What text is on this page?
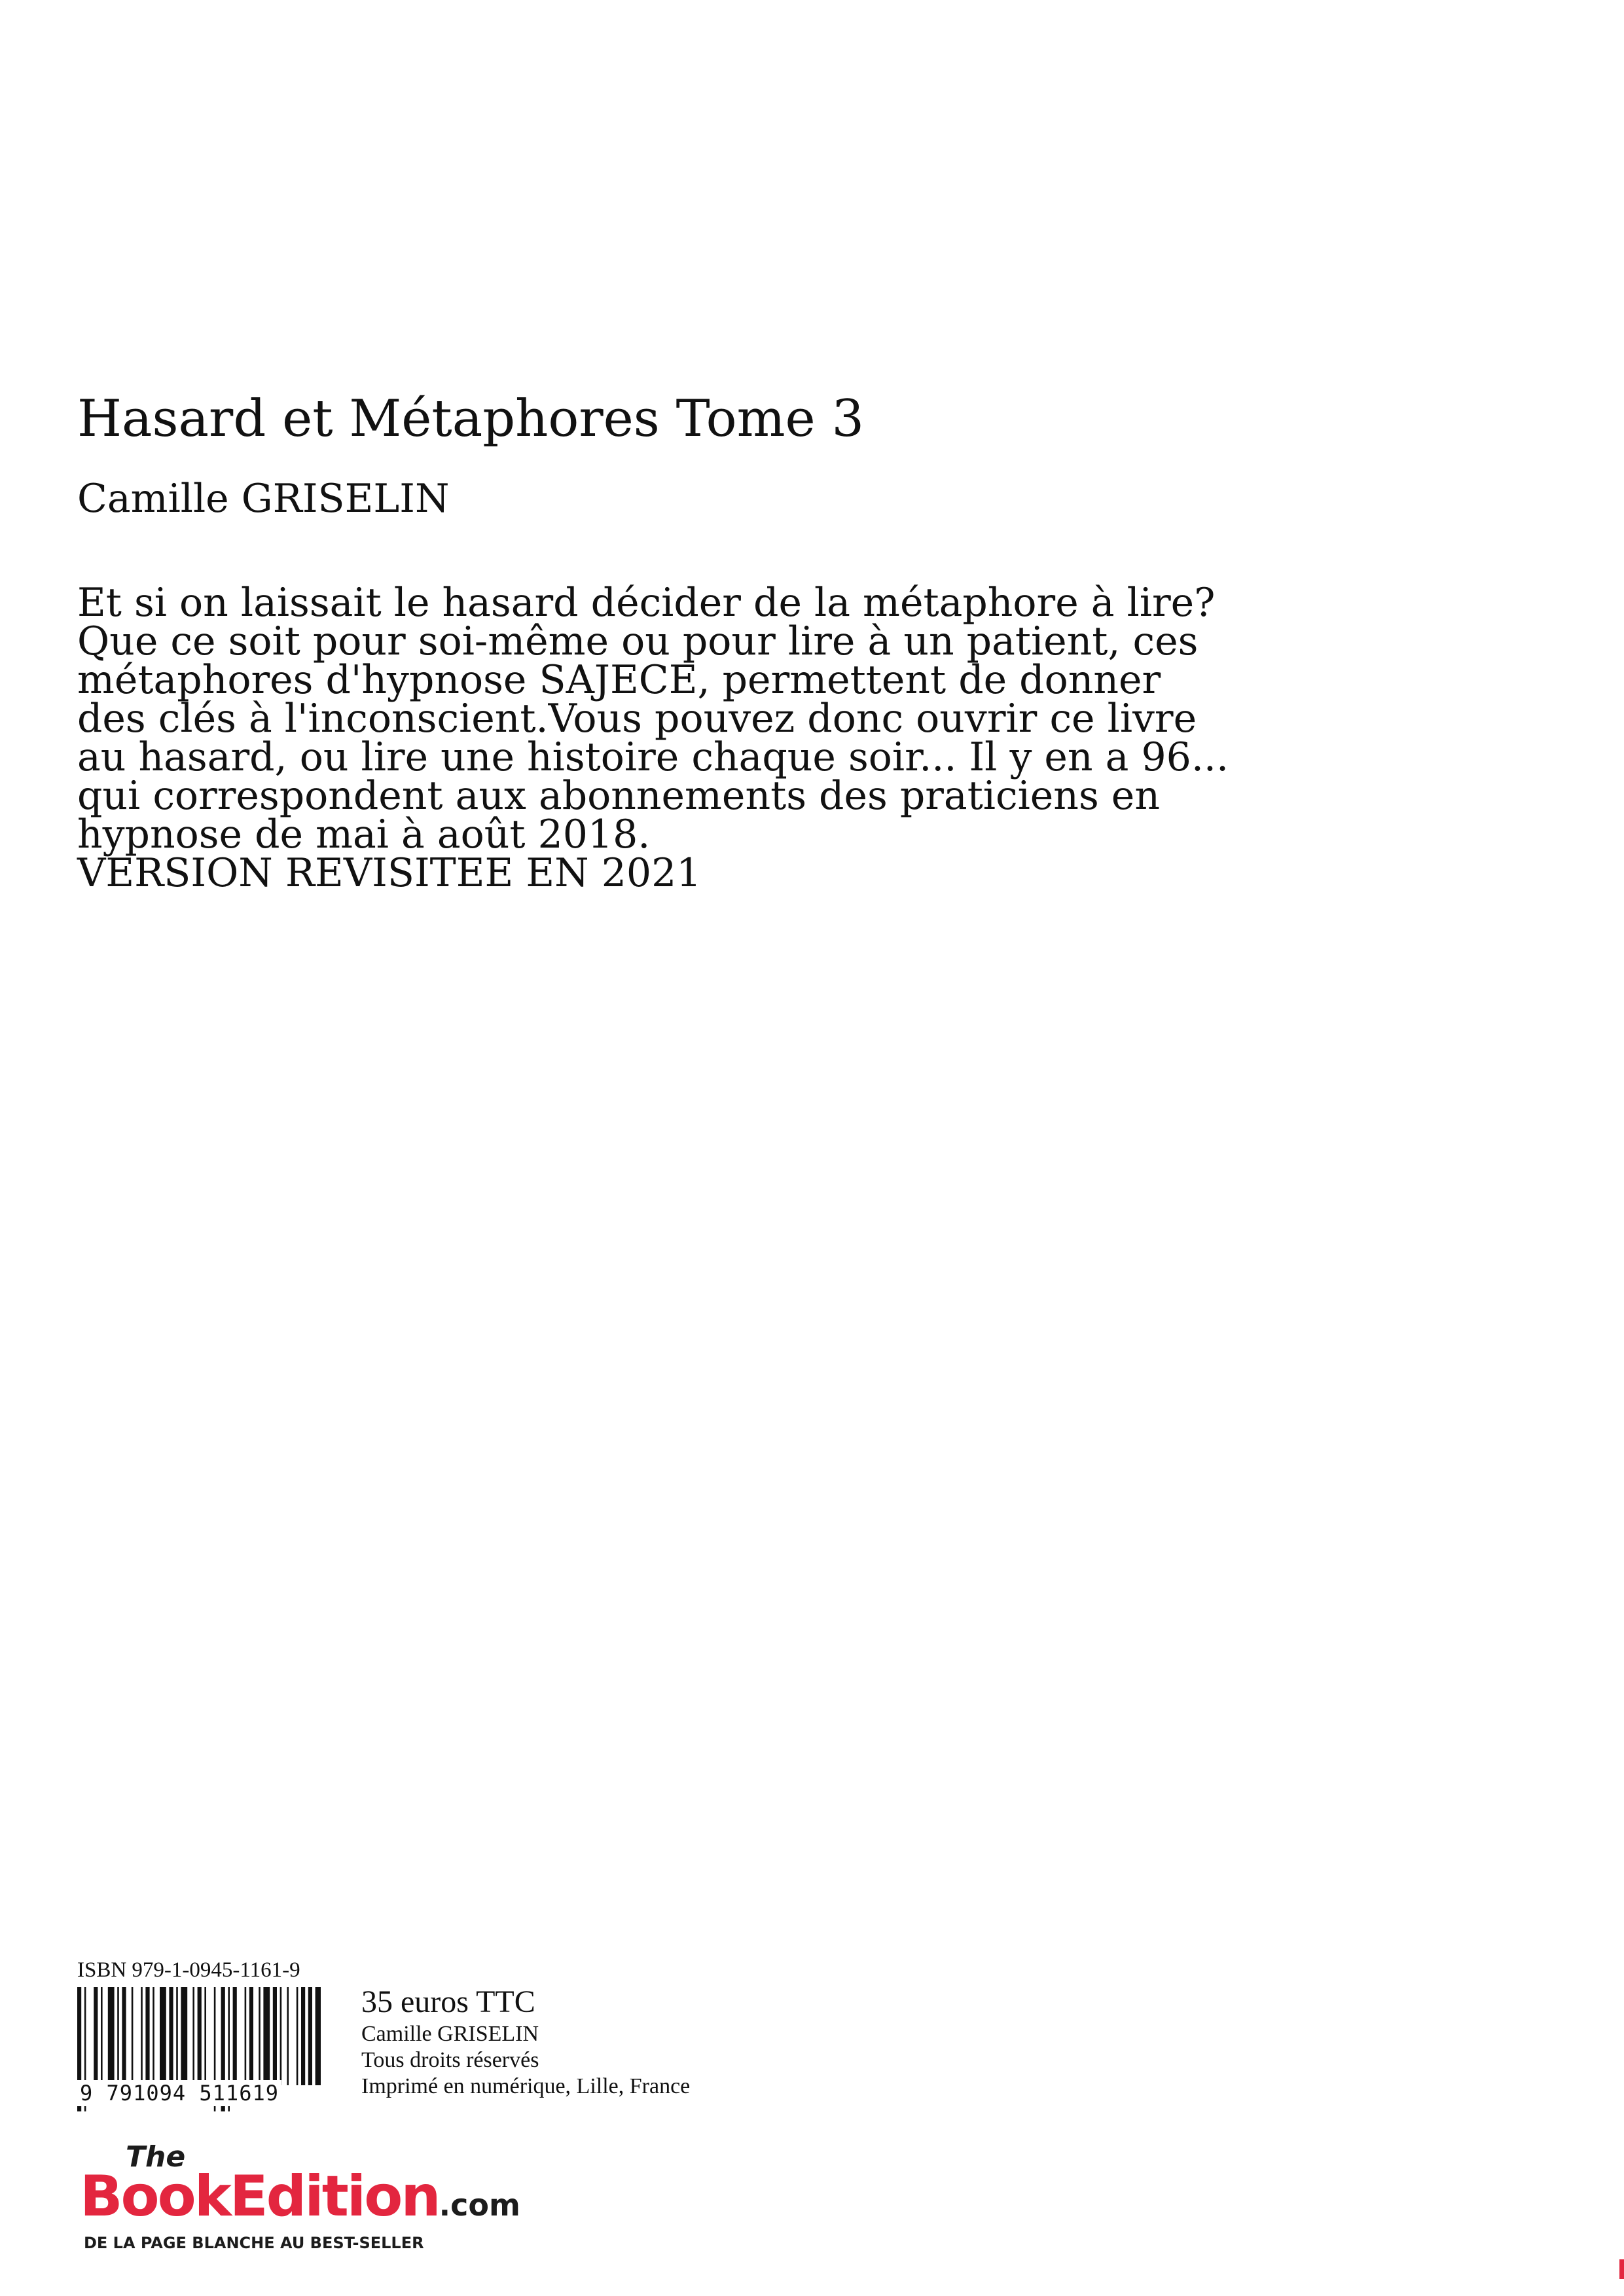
Hasard et Métaphores Tome 3
Camille GRISELIN
Et si on laissait le hasard décider de la métaphore à lire?
Que ce soit pour soi-même ou pour lire à un patient, ces
métaphores d'hypnose SAJECE, permettent de donner
des clés à l'inconscient.Vous pouvez donc ouvrir ce livre
au hasard, ou lire une histoire chaque soir... Il y en a 96...
qui correspondent aux abonnements des praticiens en
hypnose de mai à août 2018.
VERSION REVISITEE EN 2021
ISBN 979-1-0945-1161-9
9 791094 511619
35 euros TTC
Camille GRISELIN
Tous droits réservés
Imprimé en numérique, Lille, France
The
BookEdition.com
DE LA PAGE BLANCHE AU BEST-SELLER
